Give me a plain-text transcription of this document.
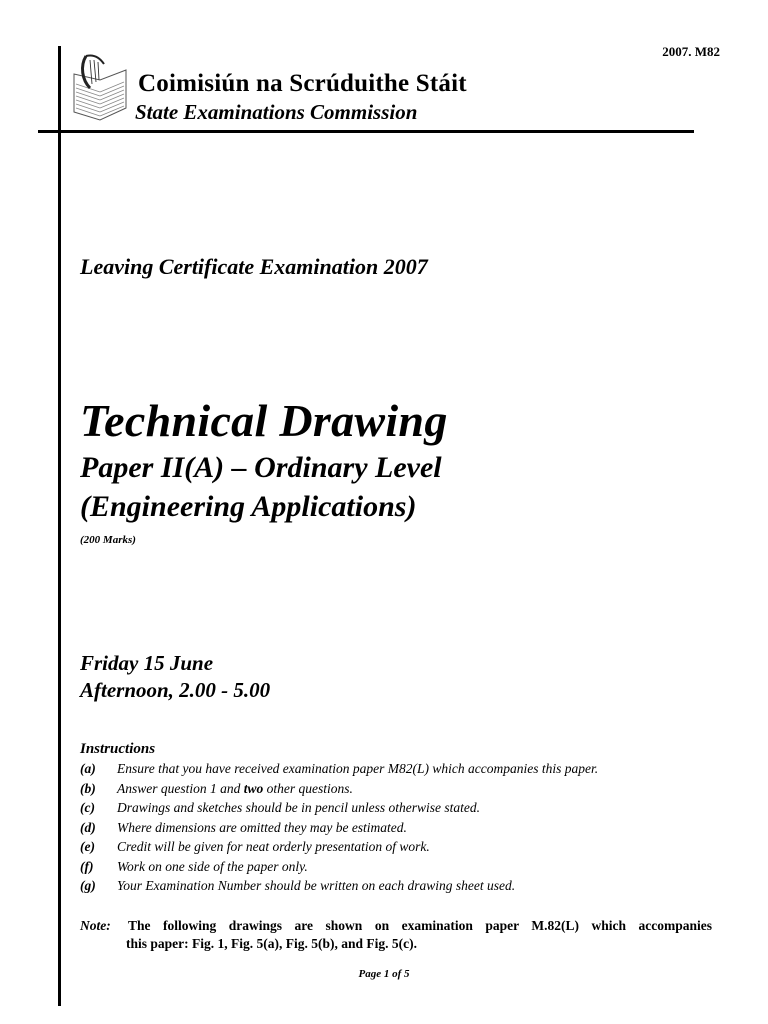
2007. M82
Coimisiún na Scrúduithe Stáit
State Examinations Commission
Leaving Certificate Examination 2007
Technical Drawing
Paper II(A) – Ordinary Level
(Engineering Applications)
(200 Marks)
Friday 15 June
Afternoon, 2.00 - 5.00
Instructions
(a) Ensure that you have received examination paper M82(L) which accompanies this paper.
(b) Answer question 1 and two other questions.
(c) Drawings and sketches should be in pencil unless otherwise stated.
(d) Where dimensions are omitted they may be estimated.
(e) Credit will be given for neat orderly presentation of work.
(f) Work on one side of the paper only.
(g) Your Examination Number should be written on each drawing sheet used.
Note:	The following drawings are shown on examination paper M.82(L) which accompanies
this paper: Fig. 1, Fig. 5(a), Fig. 5(b), and Fig. 5(c).
Page 1 of 5
